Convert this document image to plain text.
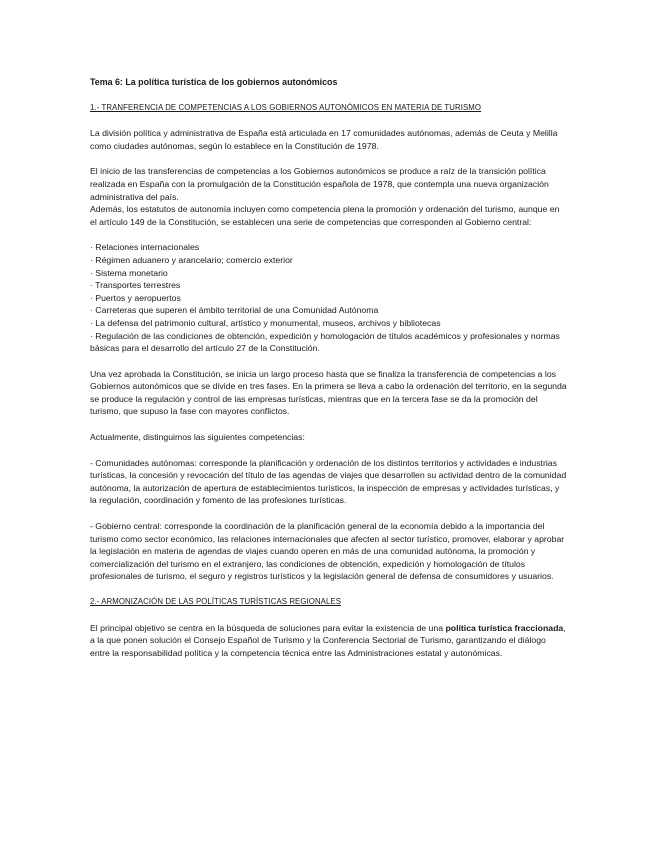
Tema 6: La política turística de los gobiernos autonómicos
1.- TRANFERENCIA DE COMPETENCIAS A LOS GOBIERNOS AUTONÓMICOS EN MATERIA DE TURISMO

La división política y administrativa de España está articulada en 17 comunidades autónomas, además de Ceuta y Melilla como ciudades autónomas, según lo establece en la Constitución de 1978.

El inicio de las transferencias de competencias a los Gobiernos autonómicos se produce a raíz de la transición política realizada en España con la promulgación de la Constitución española de 1978, que contempla una nueva organización administrativa del país.

Además, los estatutos de autonomía incluyen como competencia plena la promoción y ordenación del turismo, aunque en el artículo 149 de la Constitución, se establecen una serie de competencias que corresponden al Gobierno central:

· Relaciones internacionales
· Régimen aduanero y arancelario; comercio exterior
· Sistema monetario
· Transportes terrestres
· Puertos y aeropuertos
· Carreteras que superen el ámbito territorial de una Comunidad Autónoma
· La defensa del patrimonio cultural, artístico y monumental, museos, archivos y bibliotecas
· Regulación de las condiciones de obtención, expedición y homologación de títulos académicos y profesionales y normas básicas para el desarrollo del artículo 27 de la Constitución.

Una vez aprobada la Constitución, se inicia un largo proceso hasta que se finaliza la transferencia de competencias a los Gobiernos autonómicos que se divide en tres fases. En la primera se lleva a cabo la ordenación del territorio, en la segunda se produce la regulación y control de las empresas turísticas, mientras que en la tercera fase se da la promoción del turismo, que supuso la fase con mayores conflictos.

Actualmente, distinguimos las siguientes competencias:

- Comunidades autónomas: corresponde la planificación y ordenación de los distintos territorios y actividades e industrias turísticas, la concesión y revocación del título de las agendas de viajes que desarrollen su actividad dentro de la comunidad autónoma, la autorización de apertura de establecimientos turísticos, la inspección de empresas y actividades turísticas, y la regulación, coordinación y fomento de las profesiones turísticas.

- Gobierno central: corresponde la coordinación de la planificación general de la economía debido a la importancia del turismo como sector económico, las relaciones internacionales que afecten al sector turístico, promover, elaborar y aprobar la legislación en materia de agendas de viajes cuando operen en más de una comunidad autónoma, la promoción y comercialización del turismo en el extranjero, las condiciones de obtención, expedición y homologación de títulos profesionales de turismo, el seguro y registros turísticos y la legislación general de defensa de consumidores y usuarios.

2.- ARMONIZACIÓN DE LAS POLÍTICAS TURÍSTICAS REGIONALES

El principal objetivo se centra en la búsqueda de soluciones para evitar la existencia de una política turística fraccionada, a la que ponen solución el Consejo Español de Turismo y la Conferencia Sectorial de Turismo, garantizando el diálogo entre la responsabilidad política y la competencia técnica entre las Administraciones estatal y autonómicas.
